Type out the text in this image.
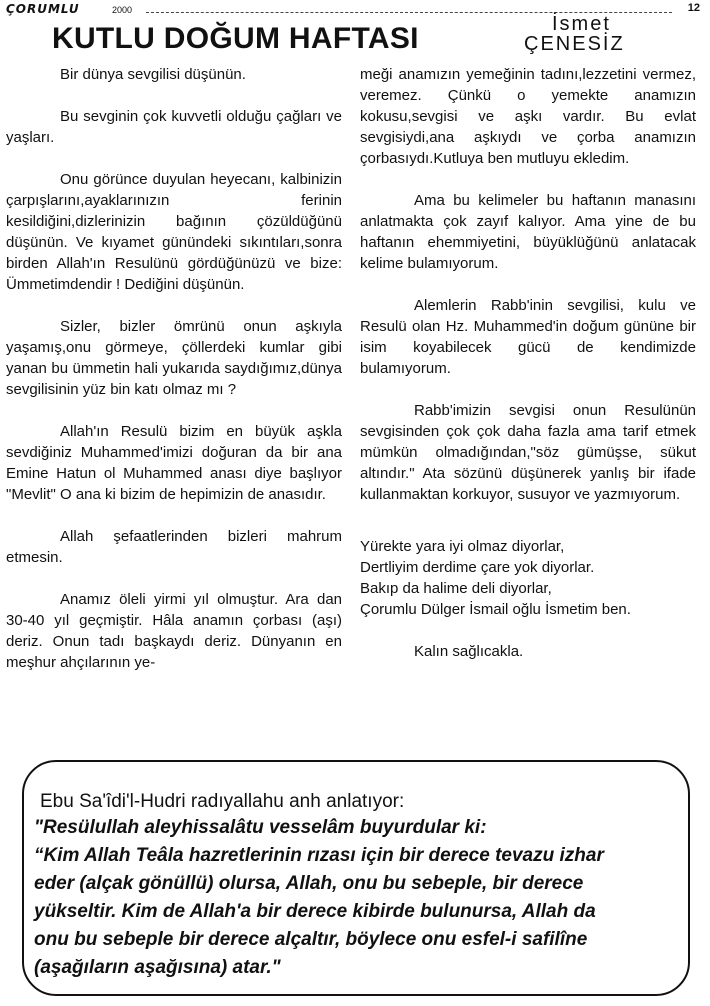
ÇORUMLU	2000	12
KUTLU DOĞUM HAFTASI	İsmet
ÇENESİZ

Bir dünya sevgilisi düşünün.

Bu sevginin çok kuvvetli olduğu çağları ve yaşları.

Onu görünce duyulan heyecanı, kalbinizin çarpışlarını,ayaklarınızın ferinin kesildiğini,dizlerinizin bağının çözüldüğünü düşünün. Ve kıyamet günündeki sıkıntıları,sonra birden Allah'ın Resulünü gördüğünüzü ve bize: Ümmetimdendir ! Dediğini düşünün.

Sizler, bizler ömrünü onun aşkıyla yaşamış,onu görmeye, çöllerdeki kumlar gibi yanan bu ümmetin hali yukarıda saydığımız,dünya sevgilisinin yüz bin katı olmaz mı ?

Allah'ın Resulü bizim en büyük aşkla sevdiğiniz Muhammed'imizi doğuran da bir ana Emine Hatun ol Muhammed anası diye başlıyor "Mevlit" O ana ki bizim de hepimizin de anasıdır.

Allah şefaatlerinden bizleri mahrum etmesin.

Anamız öleli yirmi yıl olmuştur. Ara dan 30-40 yıl geçmiştir. Hâla anamın çorbası (aşı) deriz. Onun tadı başkaydı deriz. Dünyanın en meşhur ahçılarının ye-

meği anamızın yemeğinin tadını,lezzetini vermez, veremez. Çünkü o yemekte anamızın kokusu,sevgisi ve aşkı vardır. Bu evlat sevgisiydi,ana aşkıydı ve çorba anamızın çorbasıydı.Kutluya ben mutluyu ekledim.

Ama bu kelimeler bu haftanın manasını anlatmakta çok zayıf kalıyor. Ama yine de bu haftanın ehemmiyetini, büyüklüğünü anlatacak kelime bulamıyorum.

Alemlerin Rabb'inin sevgilisi, kulu ve Resulü olan Hz. Muhammed'in doğum gününe bir isim koyabilecek gücü de kendimizde bulamıyorum.

Rabb'imizin sevgisi onun Resulünün sevgisinden çok çok daha fazla ama tarif etmek mümkün olmadığından,"söz gümüşse, sükut altındır." Ata sözünü düşünerek yanlış bir ifade kullanmaktan korkuyor, susuyor ve yazmıyorum.

Yürekte yara iyi olmaz diyorlar,
Dertliyim derdime çare yok diyorlar.
Bakıp da halime deli diyorlar,
Çorumlu Dülger İsmail oğlu İsmetim ben.

Kalın sağlıcakla.

Ebu Sa'îdi'l-Hudri radıyallahu anh anlatıyor:
"Resülullah aleyhissalâtu vesselâm buyurdular ki:
“Kim Allah Teâla hazretlerinin rızası için bir derece tevazu izhar
eder (alçak gönüllü) olursa, Allah, onu bu sebeple, bir derece
yükseltir. Kim de Allah'a bir derece kibirde bulunursa, Allah da
onu bu sebeple bir derece alçaltır, böylece onu esfel-i safilîne
(aşağıların aşağısına) atar."
